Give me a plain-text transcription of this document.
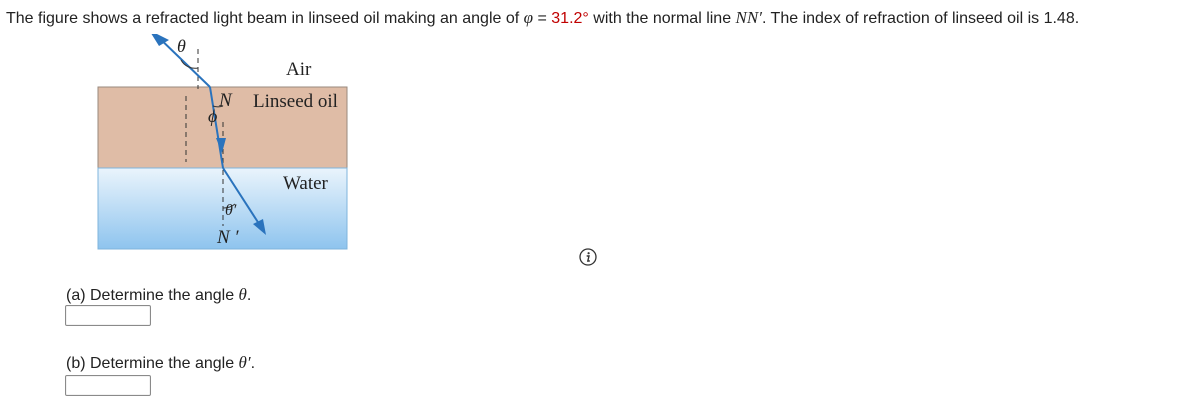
The figure shows a refracted light beam in linseed oil making an angle of φ = 31.2° with the normal line NN′. The index of refraction of linseed oil is 1.48.
θ
Air
N Linseed oil
ϕ
Water
θ′
N ′
(a) Determine the angle θ.
(b) Determine the angle θ′.
